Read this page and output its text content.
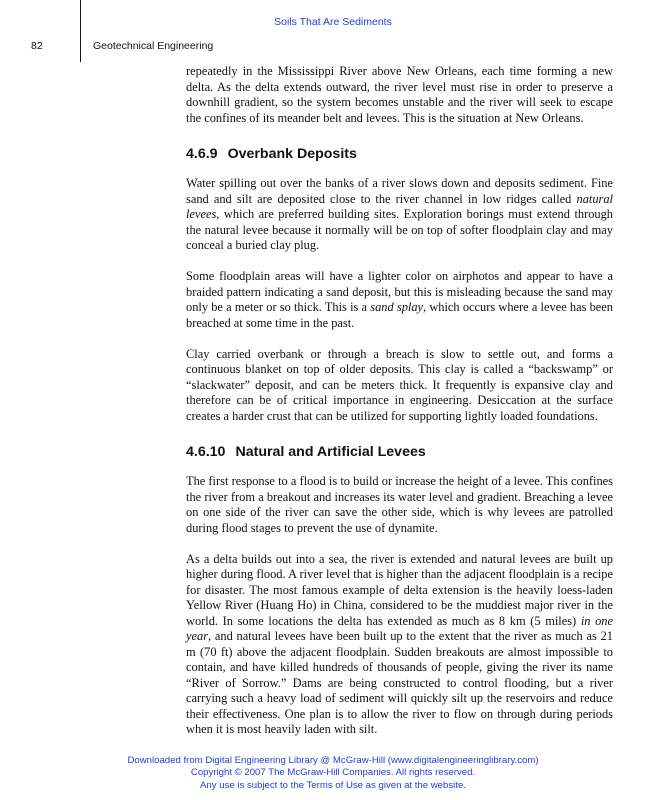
Soils That Are Sediments
82	Geotechnical Engineering

repeatedly in the Mississippi River above New Orleans, each time forming a new delta. As the delta extends outward, the river level must rise in order to preserve a downhill gradient, so the system becomes unstable and the river will seek to escape the confines of its meander belt and levees. This is the situation at New Orleans.

4.6.9 Overbank Deposits

Water spilling out over the banks of a river slows down and deposits sediment. Fine sand and silt are deposited close to the river channel in low ridges called natural levees, which are preferred building sites. Exploration borings must extend through the natural levee because it normally will be on top of softer floodplain clay and may conceal a buried clay plug.

Some floodplain areas will have a lighter color on airphotos and appear to have a braided pattern indicating a sand deposit, but this is misleading because the sand may only be a meter or so thick. This is a sand splay, which occurs where a levee has been breached at some time in the past.

Clay carried overbank or through a breach is slow to settle out, and forms a continuous blanket on top of older deposits. This clay is called a “backswamp” or “slackwater” deposit, and can be meters thick. It frequently is expansive clay and therefore can be of critical importance in engineering. Desiccation at the surface creates a harder crust that can be utilized for supporting lightly loaded foundations.

4.6.10 Natural and Artificial Levees

The first response to a flood is to build or increase the height of a levee. This confines the river from a breakout and increases its water level and gradient. Breaching a levee on one side of the river can save the other side, which is why levees are patrolled during flood stages to prevent the use of dynamite.

As a delta builds out into a sea, the river is extended and natural levees are built up higher during flood. A river level that is higher than the adjacent floodplain is a recipe for disaster. The most famous example of delta extension is the heavily loess-laden Yellow River (Huang Ho) in China, considered to be the muddiest major river in the world. In some locations the delta has extended as much as 8 km (5 miles) in one year, and natural levees have been built up to the extent that the river as much as 21 m (70 ft) above the adjacent floodplain. Sudden breakouts are almost impossible to contain, and have killed hundreds of thousands of people, giving the river its name “River of Sorrow.” Dams are being constructed to control flooding, but a river carrying such a heavy load of sediment will quickly silt up the reservoirs and reduce their effectiveness. One plan is to allow the river to flow on through during periods when it is most heavily laden with silt.

Downloaded from Digital Engineering Library @ McGraw-Hill (www.digitalengineeringlibrary.com)
Copyright © 2007 The McGraw-Hill Companies. All rights reserved.
Any use is subject to the Terms of Use as given at the website.
